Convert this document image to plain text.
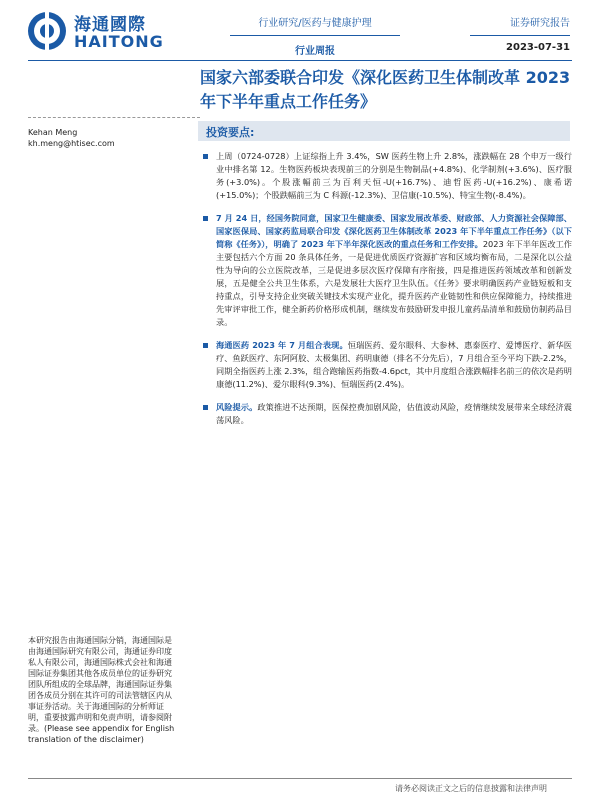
海通國際
HAITONG
行业研究/医药与健康护理
行业周报
证券研究报告
2023-07-31
国家六部委联合印发《深化医药卫生体制改革 2023 年下半年重点工作任务》
Kehan Meng
kh.meng@htisec.com
投资要点:
上周（0724-0728）上证综指上升 3.4%，SW 医药生物上升 2.8%，涨跌幅在 28 个申万一级行业中排名第 12。生物医药板块表现前三的分别是生物制品(+4.8%)、化学制剂(+3.6%)、医疗服务(+3.0%)。个股涨幅前三为百利天恒-U(+16.7%)、迪哲医药-U(+16.2%)、康希诺(+15.0%)；个股跌幅前三为 C 科源(-12.3%)、卫信康(-10.5%)、特宝生物(-8.4%)。
7 月 24 日，经国务院同意，国家卫生健康委、国家发展改革委、财政部、人力资源社会保障部、国家医保局、国家药监局联合印发《深化医药卫生体制改革 2023 年下半年重点工作任务》（以下简称《任务》），明确了 2023 年下半年深化医改的重点任务和工作安排。2023 年下半年医改工作主要包括六个方面 20 条具体任务，一是促进优质医疗资源扩容和区域均衡布局，二是深化以公益性为导向的公立医院改革，三是促进多层次医疗保障有序衔接，四是推进医药领域改革和创新发展，五是健全公共卫生体系，六是发展壮大医疗卫生队伍。《任务》要求明确医药产业链短板和支持重点，引导支持企业突破关键技术实现产业化，提升医药产业链韧性和供应保障能力，持续推进先审评审批工作，健全新药价格形成机制，继续发布鼓励研发申报儿童药品清单和鼓励仿制药品目录。
海通医药 2023 年 7 月组合表现。恒瑞医药、爱尔眼科、大参林、惠泰医疗、爱博医疗、新华医疗、鱼跃医疗、东阿阿胶、太极集团、药明康德（排名不分先后），7 月组合至今平均下跌-2.2%，同期全指医药上涨 2.3%，组合跑输医药指数-4.6pct，其中月度组合涨跌幅排名前三的依次是药明康德(11.2%)、爱尔眼科(9.3%)、恒瑞医药(2.4%)。
风险提示。政策推进不达预期，医保控费加剧风险，估值波动风险，疫情继续发展带来全球经济震荡风险。
本研究报告由海通国际分销，海通国际是由海通国际研究有限公司，海通证券印度私人有限公司，海通国际株式会社和海通国际证券集团其他各成员单位的证券研究团队所组成的全球品牌，海通国际证券集团各成员分别在其许可的司法管辖区内从事证券活动。关于海通国际的分析师证明，重要披露声明和免责声明，请参阅附录。(Please see appendix for English translation of the disclaimer)
请务必阅读正文之后的信息披露和法律声明
